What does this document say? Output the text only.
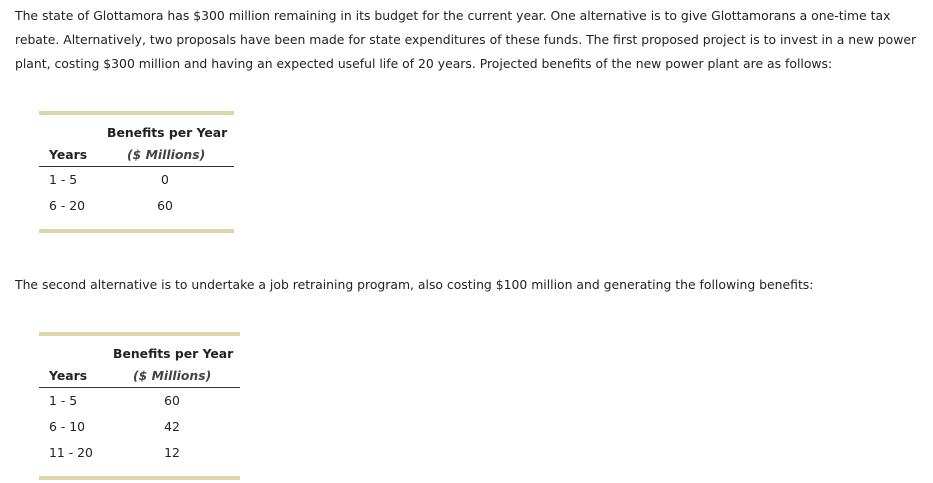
The state of Glottamora has $300 million remaining in its budget for the current year. One alternative is to give Glottamorans a one-time tax rebate. Alternatively, two proposals have been made for state expenditures of these funds. The first proposed project is to invest in a new power plant, costing $300 million and having an expected useful life of 20 years. Projected benefits of the new power plant are as follows:

Benefits per Year
Years	($ Millions)
1 - 5	0
6 - 20	60

The second alternative is to undertake a job retraining program, also costing $100 million and generating the following benefits:

Benefits per Year
Years	($ Millions)
1 - 5	60
6 - 10	42
11 - 20	12
